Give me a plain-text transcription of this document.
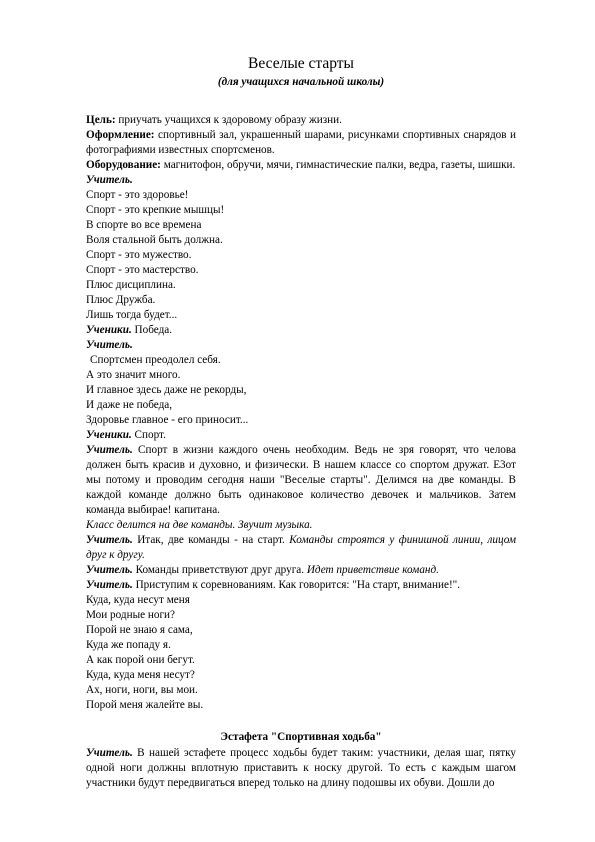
Веселые старты
(для учащихся начальной школы)

Цель: приучать учащихся к здоровому образу жизни.

Оформление: спортивный зал, украшенный шарами, рисунками спортивных снарядов и фотографиями известных спортсменов.

Оборудование: магнитофон, обручи, мячи, гимнастические палки, ведра, газеты, шишки.

Учитель.

Спорт - это здоровье!

Спорт - это крепкие мышцы!

В спорте во все времена

Воля стальной быть должна.

Спорт - это мужество.

Спорт - это мастерство.

Плюс дисциплина.

Плюс Дружба.

Лишь тогда будет...

Ученики. Победа.

Учитель.

Спортсмен преодолел себя.

А это значит много.

И главное здесь даже не рекорды,

И даже не победа,

Здоровье главное - его приносит...

Ученики. Спорт.

Учитель. Спорт в жизни каждого очень необходим. Ведь не зря говорят, что челова должен быть красив и духовно, и физически. В нашем классе со спортом дружат. Е3от мы потому и проводим сегодня наши "Веселые старты". Делимся на две команды. В каждой команде должно быть одинаковое количество девочек и мальчиков. Затем команда выбирае! капитана.

Класс делится на две команды. Звучит музыка.

Учитель. Итак, две команды - на старт. Команды строятся у финишной линии, лицом друг к другу.

Учитель. Команды приветствуют друг друга. Идет приветствие команд.

Учитель. Приступим к соревнованиям. Как говорится: "На старт, внимание!".

Куда, куда несут меня

Мои родные ноги?

Порой не знаю я сама,

Куда же попаду я.

А как порой они бегут.

Куда, куда меня несут?

Ах, ноги, ноги, вы мои.

Порой меня жалейте вы.

Эстафета "Спортивная ходьба"

Учитель. В нашей эстафете процесс ходьбы будет таким: участники, делая шаг, пятку одной ноги должны вплотную приставить к носку другой. То есть с каждым шагом участники будут передвигаться вперед только на длину подошвы их обуви. Дошли до
